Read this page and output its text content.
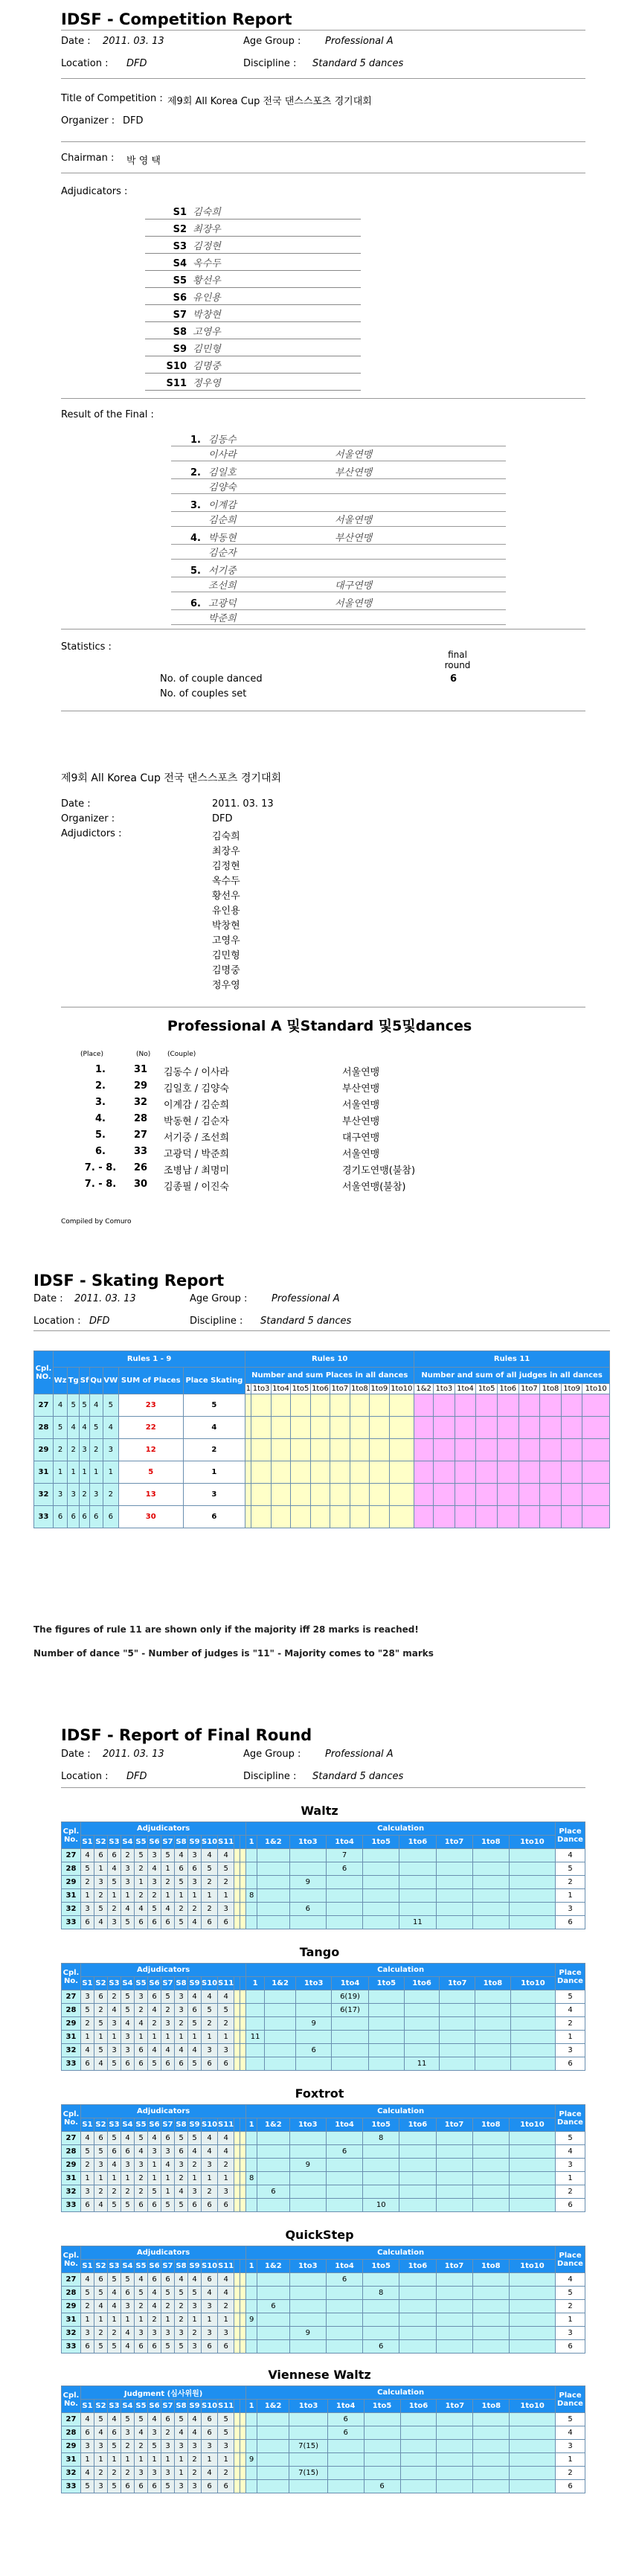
IDSF - Competition Report
Date : 2011. 03. 13	Age Group :	Professional A
Location : DFD	Discipline : Standard 5 dances
Title of Competition : 제9회 All Korea Cup 전국 댄스스포츠 경기대회
Organizer : DFD
Chairman : 박 영 택
Adjudicators :
S1 김숙희
S2 최장우
S3 김정현
S4 옥수두
S5 황선우
S6 유인용
S7 박창현
S8 고영우
S9 김민형
S10 김명중
S11 정우영
Result of the Final :
1. 김동수
이사라	서울연맹
2. 김일호	부산연맹
김양숙
3. 이계감
김순희	서울연맹
4. 박동현	부산연맹
김순자
5. 서기중
조선희	대구연맹
6. 고광덕	서울연맹
박준희
Statistics :
final round
No. of couple danced
No. of couples set
6
제9회 All Korea Cup 전국 댄스스포츠 경기대회
Date :	2011. 03. 13
Organizer :	DFD
Adjudictors :	김숙희
최장우
김정현
옥수두
황선우
유인용
박창현
고영우
김민형
김명중
정우영
Professional A 및Standard 및5및dances
(Place)	(No)	(Couple)
1.	31 김동수 / 이사라	서울연맹
2.	29 김일호 / 김양숙	부산연맹
3.	32 이계감 / 김순희	서울연맹
4.	28 박동현 / 김순자	부산연맹
5.	27 서기중 / 조선희	대구연맹
6.	33 고광덕 / 박준희	서울연맹
7. - 8. 26 조병남 / 최명미	경기도연맹(불참)
7. - 8. 30 김종필 / 이진숙	서울연맹(불참)
Compiled by Comuro
IDSF - Skating Report
Date : 2011. 03. 13	Age Group :	Professional A
Location : DFD	Discipline : Standard 5 dances
Cpl. NO.	Rules 1 - 9							Rules 10									Rules 11								
	Wz	Tg	Sf	Qu	VW	SUM of Places	Place Skating	Number and sum Places in all dances									Number and sum of all judges in all dances								
								1	1to3	1to4	1to5	1to6	1to7	1to8	1to9	1to10	1&2	1to3	1to4	1to5	1to6	1to7	1to8	1to9	1to10
27	4	5	5	4	5	23	5																		
28	5	4	4	5	4	22	4																		
29	2	2	3	2	3	12	2																		
31	1	1	1	1	1	5	1																		
32	3	3	2	3	2	13	3																		
33	6	6	6	6	6	30	6																		
The figures of rule 11 are shown only if the majority iff 28 marks is reached!
Number of dance "5" - Number of judges is "11" - Majority comes to "28" marks
IDSF - Report of Final Round
Date : 2011. 03. 13	Age Group :	Professional A
Location : DFD	Discipline : Standard 5 dances
Waltz
Cpl. No.	Adjudicators													Calculation									Place Dance
	S1	S2	S3	S4	S5	S6	S7	S8	S9	S10	S11			1	1&2	1to3	1to4	1to5	1to6	1to7	1to8	1to10	
27	4	6	6	2	5	3	5	4	3	4	4						7						4
28	5	1	4	3	2	4	1	6	6	5	5						6						5
29	2	3	5	3	1	3	2	5	3	2	2					9							2
31	1	2	1	1	2	2	1	1	1	1	1			8									1
32	3	5	2	4	4	5	4	2	2	2	3					6							3
33	6	4	3	5	6	6	6	5	4	6	6								11				6
Tango
Cpl. No.	Adjudicators													Calculation									Place Dance
	S1	S2	S3	S4	S5	S6	S7	S8	S9	S10	S11			1	1&2	1to3	1to4	1to5	1to6	1to7	1to8	1to10	
27	3	6	2	5	3	6	5	3	4	4	4						6(19)						5
28	5	2	4	5	2	4	2	3	6	5	5						6(17)						4
29	2	5	3	4	4	2	3	2	5	2	2					9							2
31	1	1	1	3	1	1	1	1	1	1	1			11									1
32	4	5	3	3	6	4	4	4	4	3	3					6							3
33	6	4	5	6	6	5	6	6	5	6	6								11				6
Foxtrot
Cpl. No.	Adjudicators													Calculation									Place Dance
	S1	S2	S3	S4	S5	S6	S7	S8	S9	S10	S11			1	1&2	1to3	1to4	1to5	1to6	1to7	1to8	1to10	
27	4	6	5	4	5	4	6	5	5	4	4							8					5
28	5	5	6	6	4	3	3	6	4	4	4						6						4
29	2	3	4	3	3	1	4	3	2	3	2					9							3
31	1	1	1	1	2	1	1	2	1	1	1			8									1
32	3	2	2	2	2	5	1	4	3	2	3				6								2
33	6	4	5	5	6	6	5	5	6	6	6							10					6
QuickStep
Cpl. No.	Adjudicators													Calculation									Place Dance
	S1	S2	S3	S4	S5	S6	S7	S8	S9	S10	S11			1	1&2	1to3	1to4	1to5	1to6	1to7	1to8	1to10	
27	4	6	5	5	4	6	6	4	4	6	4						6						4
28	5	5	4	6	5	4	5	5	5	4	4							8					5
29	2	4	4	3	2	4	2	2	3	3	2				6								2
31	1	1	1	1	1	2	1	2	1	1	1			9									1
32	3	2	2	4	3	3	3	3	2	3	3					9							3
33	6	5	5	4	6	6	5	5	3	6	6							6					6
Viennese Waltz
Cpl. No.	Judgment (심사위원)													Calculation									Place Dance
	S1	S2	S3	S4	S5	S6	S7	S8	S9	S10	S11			1	1&2	1to3	1to4	1to5	1to6	1to7	1to8	1to10	
27	4	5	4	5	5	4	6	5	4	6	5						6						5
28	6	4	6	3	4	3	2	4	4	6	5						6						4
29	3	3	5	2	2	5	3	3	3	3	3					7(15)							3
31	1	1	1	1	1	1	1	1	2	1	1			9									1
32	4	2	2	2	3	3	3	1	2	4	2					7(15)							2
33	5	3	5	6	6	6	5	3	3	6	6							6					6
